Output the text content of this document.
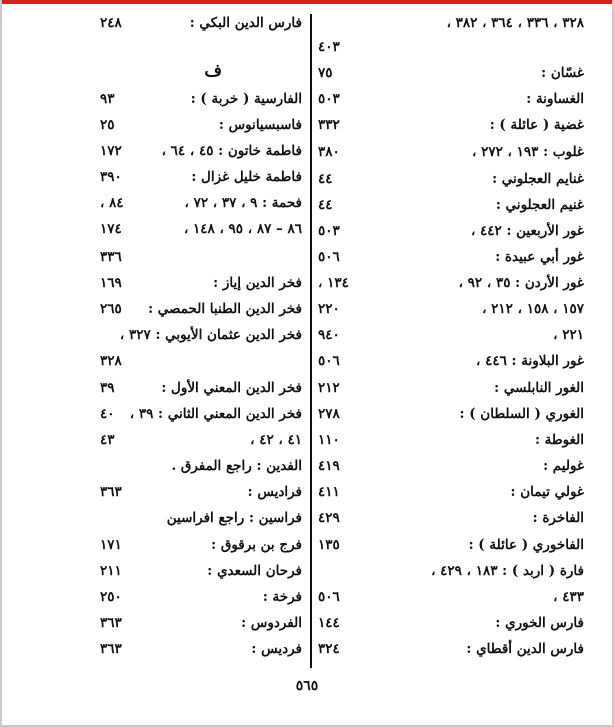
٣٢٨ ، ٣٣٦ ، ٣٦٤ ، ٣٨٢ ،
٤٠٣
غسّان :
٧٥
الغساونة :
٥٠٣
غضية ( عائلة ) :
٣٣٢
غلوب : ١٩٣ ، ٢٧٢ ،
٣٨٠
غنايم العجلوني :
٤٤
غنيم العجلوني :
٤٤
غور الأربعين : ٤٤٢ ،
٥٠٣
غور أبي عبيدة :
٥٠٦
غور الأردن : ٣٥ ، ٩٢ ،
١٣٤ ،
١٥٧ ، ١٥٨ ، ٢١٢ ،
٢٢٠
٢٢١ ،
٩٤٠
غور البلاونة : ٤٤٦ ،
٥٠٦
الغور النابلسي :
٢١٢
الغوري ( السلطان ) :
٢٧٨
الغوطة :
١١٠
غوليم :
٤١٩
غولي تيمان :
٤١١
الفاخرة :
٤٢٩
الفاخوري ( عائلة ) :
١٣٥
فارة ( اربد ) : ١٨٣ ، ٤٢٩ ،
٤٣٣ ،
٥٠٦
فارس الخوري :
١٤٤
فارس الدين أقطاي :
٣٢٤
فارس الدين البكي :
٢٤٨
ف
الفارسية ( خربة ) :
٩٣
فاسبسيانوس :
٢٥
فاطمة خاتون : ٤٥ ، ٦٤ ،
١٧٢
فاطمة خليل غزال :
٣٩٠
فحمة : ٩ ، ٣٧ ، ٧٢ ،
٨٤ ،
٨٦ – ٨٧ ، ٩٥ ، ١٤٨ ،
١٧٤
٣٣٦
فخر الدين إياز :
١٦٩
فخر الدين الطنبا الحمصي :
٢٦٥
فخر الدين عثمان الأيوبي : ٣٢٧ ،
٣٢٨
فخر الدين المعني الأول :
٣٩
فخر الدين المعني الثاني : ٣٩ ،
٤٠
٤١ ، ٤٢ ،
٤٣
الفدين : راجع المفرق .
فراديس :
٣٦٣
فراسين : راجع افراسين
فرج بن برقوق :
١٧١
فرحان السعدي :
٢١١
فرخة :
٢٥٠
الفردوس :
٣٦٣
فرديس :
٣٦٣
٥٦٥
